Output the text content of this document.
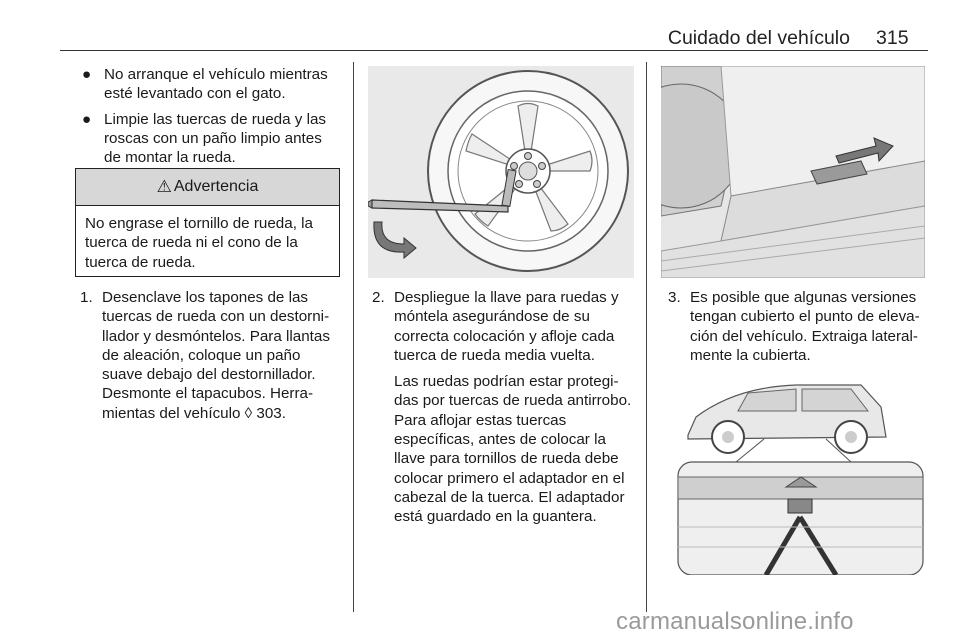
Cuidado del vehículo 315
● No arranque el vehículo mientras esté levantado con el gato.
● Limpie las tuercas de rueda y las roscas con un paño limpio antes de montar la rueda.
⚠ Advertencia
No engrase el tornillo de rueda, la tuerca de rueda ni el cono de la tuerca de rueda.
1. Desenclave los tapones de las tuercas de rueda con un destornillador y desmóntelos. Para llantas de aleación, coloque un paño suave debajo del destornillador. Desmonte el tapacubos. Herramientas del vehículo ◊ 303.

2. Despliegue la llave para ruedas y móntela asegurándose de su correcta colocación y afloje cada tuerca de rueda media vuelta.

Las ruedas podrían estar protegidas por tuercas de rueda antirrobo. Para aflojar estas tuercas específicas, antes de colocar la llave para tornillos de rueda debe colocar primero el adaptador en el cabezal de la tuerca. El adaptador está guardado en la guantera.

3. Es posible que algunas versiones tengan cubierto el punto de elevación del vehículo. Extraiga lateralmente la cubierta.

carmanualsonline.info
